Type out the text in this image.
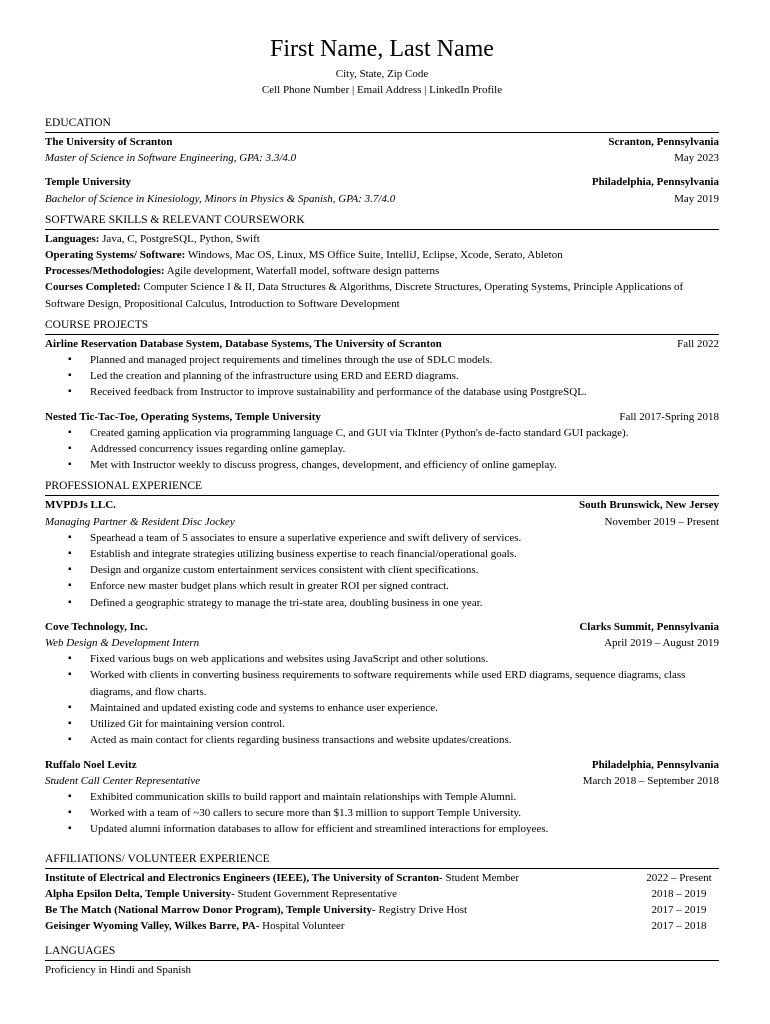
First Name, Last Name
City, State, Zip Code
Cell Phone Number | Email Address | LinkedIn Profile
EDUCATION
The University of Scranton	Scranton, Pennsylvania
Master of Science in Software Engineering, GPA: 3.3/4.0	May 2023
Temple University	Philadelphia, Pennsylvania
Bachelor of Science in Kinesiology, Minors in Physics & Spanish, GPA: 3.7/4.0	May 2019
SOFTWARE SKILLS & RELEVANT COURSEWORK

Languages: Java, C, PostgreSQL, Python, Swift

Operating Systems/ Software: Windows, Mac OS, Linux, MS Office Suite, IntelliJ, Eclipse, Xcode, Serato, Ableton

Processes/Methodologies: Agile development, Waterfall model, software design patterns

Courses Completed: Computer Science I & II, Data Structures & Algorithms, Discrete Structures, Operating Systems, Principle Applications of Software Design, Propositional Calculus, Introduction to Software Development

COURSE PROJECTS
Airline Reservation Database System, Database Systems, The University of Scranton	Fall 2022
▪ Planned and managed project requirements and timelines through the use of SDLC models.
▪ Led the creation and planning of the infrastructure using ERD and EERD diagrams.
▪ Received feedback from Instructor to improve sustainability and performance of the database using PostgreSQL.
Nested Tic-Tac-Toe, Operating Systems, Temple University	Fall 2017-Spring 2018
▪ Created gaming application via programming language C, and GUI via TkInter (Python's de-facto standard GUI package).
▪ Addressed concurrency issues regarding online gameplay.
▪ Met with Instructor weekly to discuss progress, changes, development, and efficiency of online gameplay.
PROFESSIONAL EXPERIENCE
MVPDJs LLC.	South Brunswick, New Jersey
Managing Partner & Resident Disc Jockey	November 2019 – Present
▪ Spearhead a team of 5 associates to ensure a superlative experience and swift delivery of services.
▪ Establish and integrate strategies utilizing business expertise to reach financial/operational goals.
▪ Design and organize custom entertainment services consistent with client specifications.
▪ Enforce new master budget plans which result in greater ROI per signed contract.
▪ Defined a geographic strategy to manage the tri-state area, doubling business in one year.
Cove Technology, Inc.	Clarks Summit, Pennsylvania
Web Design & Development Intern	April 2019 – August 2019
▪ Fixed various bugs on web applications and websites using JavaScript and other solutions.
▪ Worked with clients in converting business requirements to software requirements while used ERD diagrams, sequence diagrams, class diagrams, and flow charts.
▪ Maintained and updated existing code and systems to enhance user experience.
▪ Utilized Git for maintaining version control.
▪ Acted as main contact for clients regarding business transactions and website updates/creations.
Ruffalo Noel Levitz	Philadelphia, Pennsylvania
Student Call Center Representative	March 2018 – September 2018
▪ Exhibited communication skills to build rapport and maintain relationships with Temple Alumni.
▪ Worked with a team of ~30 callers to secure more than $1.3 million to support Temple University.
▪ Updated alumni information databases to allow for efficient and streamlined interactions for employees.
AFFILIATIONS/ VOLUNTEER EXPERIENCE
Institute of Electrical and Electronics Engineers (IEEE), The University of Scranton- Student Member	2022 – Present
Alpha Epsilon Delta, Temple University- Student Government Representative	2018 – 2019
Be The Match (National Marrow Donor Program), Temple University- Registry Drive Host	2017 – 2019
Geisinger Wyoming Valley, Wilkes Barre, PA- Hospital Volunteer	2017 – 2018
LANGUAGES
Proficiency in Hindi and Spanish
